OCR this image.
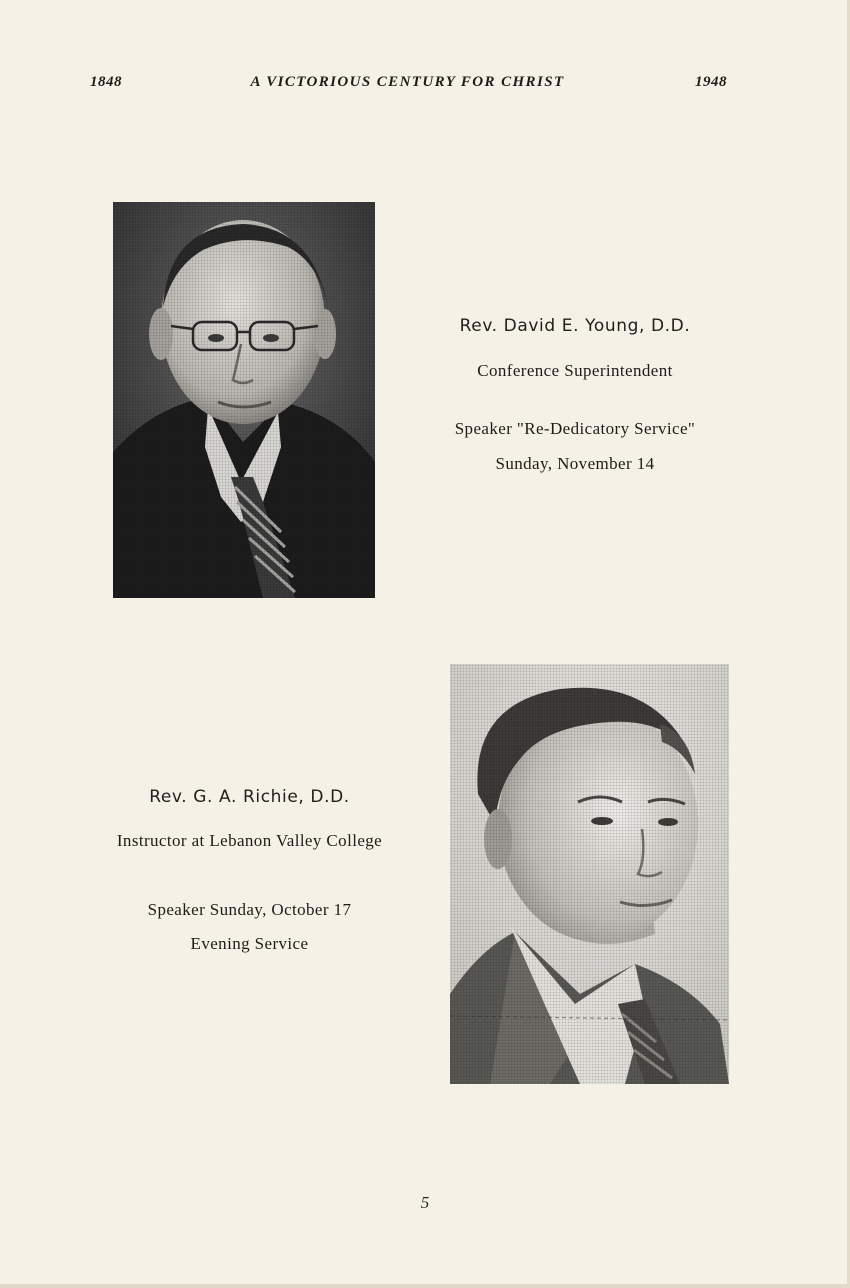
1848	A VICTORIOUS CENTURY FOR CHRIST	1948
Rev. David E. Young, D.D.
Conference Superintendent
Speaker "Re-Dedicatory Service"
Sunday, November 14
Rev. G. A. Richie, D.D.
Instructor at Lebanon Valley College
Speaker Sunday, October 17
Evening Service
5
